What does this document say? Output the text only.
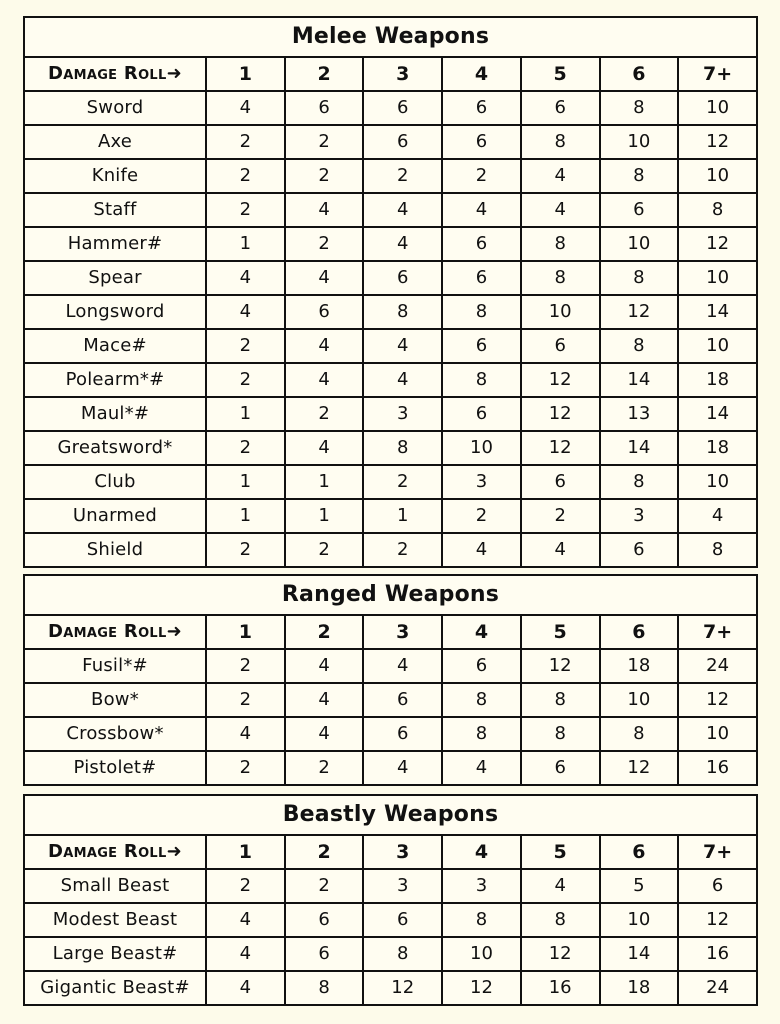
Melee Weapons							
Damage Roll➜	1	2	3	4	5	6	7+
Sword	4	6	6	6	6	8	10
Axe	2	2	6	6	8	10	12
Knife	2	2	2	2	4	8	10
Staff	2	4	4	4	4	6	8
Hammer#	1	2	4	6	8	10	12
Spear	4	4	6	6	8	8	10
Longsword	4	6	8	8	10	12	14
Mace#	2	4	4	6	6	8	10
Polearm*#	2	4	4	8	12	14	18
Maul*#	1	2	3	6	12	13	14
Greatsword*	2	4	8	10	12	14	18
Club	1	1	2	3	6	8	10
Unarmed	1	1	1	2	2	3	4
Shield	2	2	2	4	4	6	8
Ranged Weapons							
Damage Roll➜	1	2	3	4	5	6	7+
Fusil*#	2	4	4	6	12	18	24
Bow*	2	4	6	8	8	10	12
Crossbow*	4	4	6	8	8	8	10
Pistolet#	2	2	4	4	6	12	16
Beastly Weapons							
Damage Roll➜	1	2	3	4	5	6	7+
Small Beast	2	2	3	3	4	5	6
Modest Beast	4	6	6	8	8	10	12
Large Beast#	4	6	8	10	12	14	16
Gigantic Beast#	4	8	12	12	16	18	24
